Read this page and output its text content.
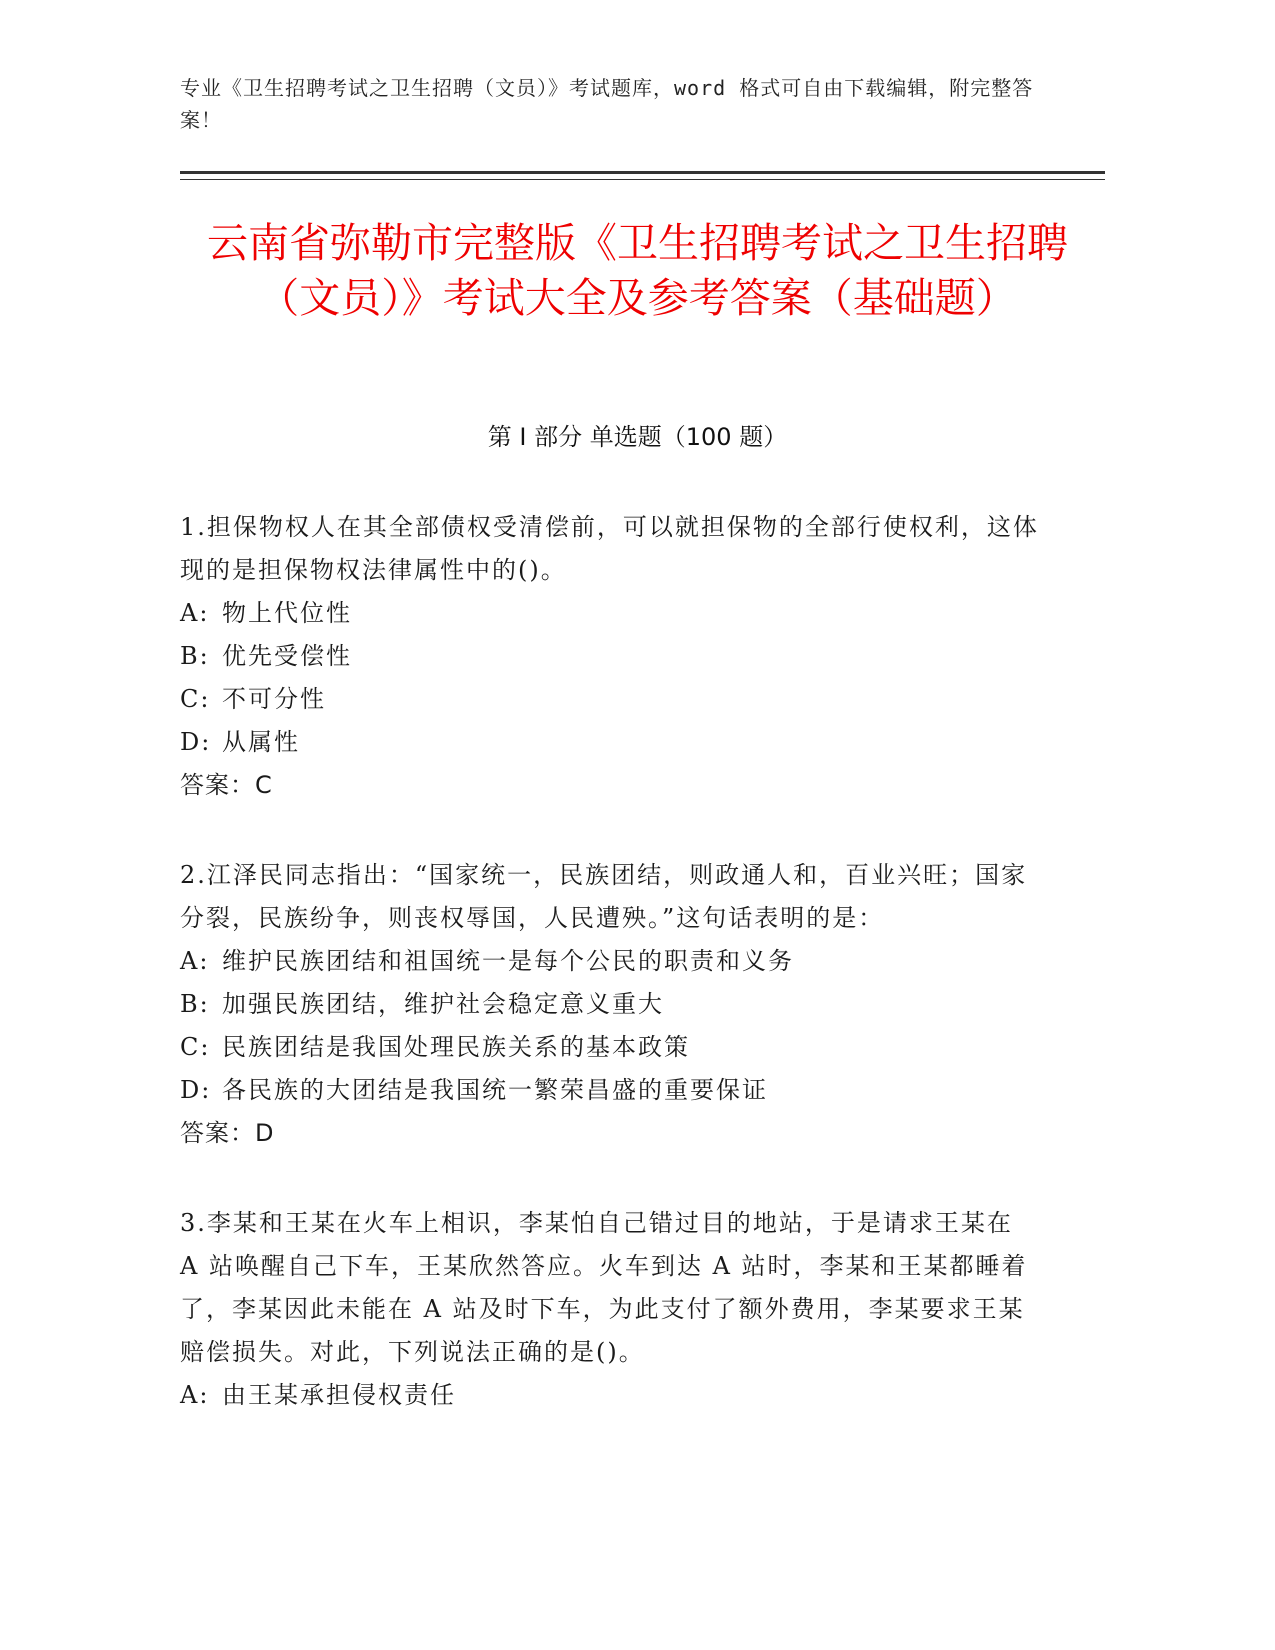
专业《卫生招聘考试之卫生招聘（文员）》考试题库，word 格式可自由下载编辑，附完整答案！
云南省弥勒市完整版《卫生招聘考试之卫生招聘（文员）》考试大全及参考答案（基础题）
第 I 部分 单选题（100 题）
1.担保物权人在其全部债权受清偿前，可以就担保物的全部行使权利，这体现的是担保物权法律属性中的()。
A: 物上代位性
B: 优先受偿性
C: 不可分性
D: 从属性
答案：C
2.江泽民同志指出：“国家统一，民族团结，则政通人和，百业兴旺；国家分裂，民族纷争，则丧权辱国，人民遭殃。”这句话表明的是：
A: 维护民族团结和祖国统一是每个公民的职责和义务
B: 加强民族团结，维护社会稳定意义重大
C: 民族团结是我国处理民族关系的基本政策
D: 各民族的大团结是我国统一繁荣昌盛的重要保证
答案：D
3.李某和王某在火车上相识，李某怕自己错过目的地站，于是请求王某在 A 站唤醒自己下车，王某欣然答应。火车到达 A 站时，李某和王某都睡着了，李某因此未能在 A 站及时下车，为此支付了额外费用，李某要求王某赔偿损失。对此，下列说法正确的是()。
A: 由王某承担侵权责任
